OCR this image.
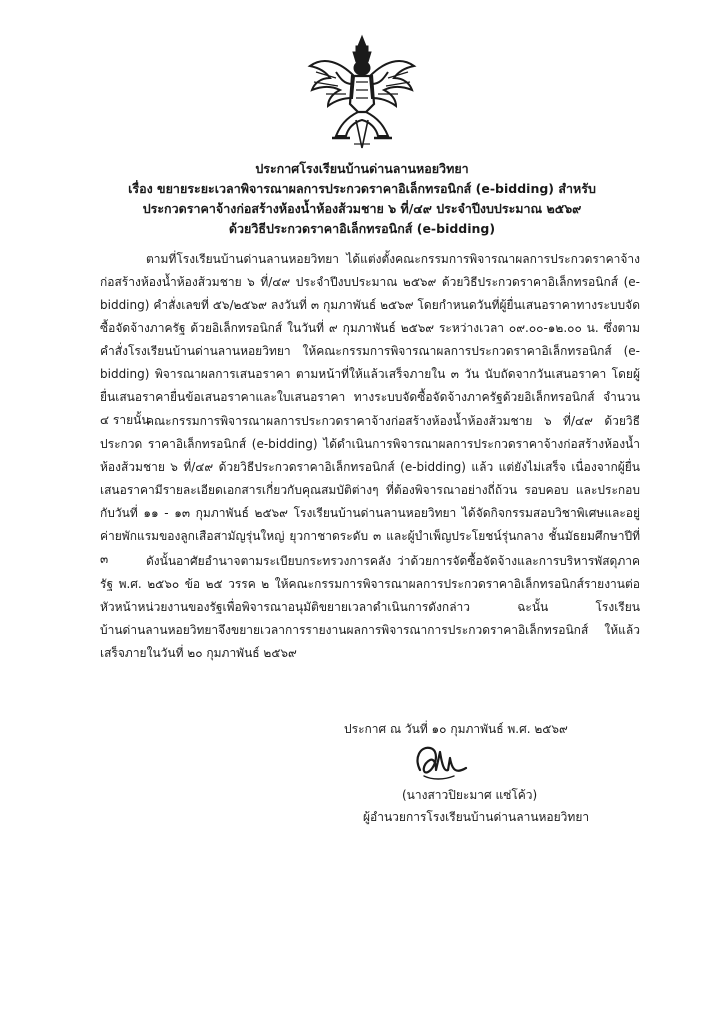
ประกาศโรงเรียนบ้านด่านลานหอยวิทยา
เรื่อง ขยายระยะเวลาพิจารณาผลการประกวดราคาอิเล็กทรอนิกส์ (e-bidding) สำหรับ
ประกวดราคาจ้างก่อสร้างห้องน้ำห้องส้วมชาย ๖ ที่/๔๙ ประจำปีงบประมาณ ๒๕๖๙
ด้วยวิธีประกวดราคาอิเล็กทรอนิกส์ (e-bidding)

ตามที่โรงเรียนบ้านด่านลานหอยวิทยา ได้แต่งตั้งคณะกรรมการพิจารณาผลการประกวดราคาจ้างก่อสร้างห้องน้ำห้องส้วมชาย ๖ ที่/๔๙ ประจำปีงบประมาณ ๒๕๖๙ ด้วยวิธีประกวดราคาอิเล็กทรอนิกส์ (e-bidding) คำสั่งเลขที่ ๕๖/๒๕๖๙ ลงวันที่ ๓ กุมภาพันธ์ ๒๕๖๙ โดยกำหนดวันที่ผู้ยื่นเสนอราคาทางระบบจัดซื้อจัดจ้างภาครัฐ ด้วยอิเล็กทรอนิกส์ ในวันที่ ๙ กุมภาพันธ์ ๒๕๖๙ ระหว่างเวลา ๐๙.๐๐-๑๒.๐๐ น. ซึ่งตามคำสั่งโรงเรียนบ้านด่านลานหอยวิทยา ให้คณะกรรมการพิจารณาผลการประกวดราคาอิเล็กทรอนิกส์ (e-bidding) พิจารณาผลการเสนอราคา ตามหน้าที่ให้แล้วเสร็จภายใน ๓ วัน นับถัดจากวันเสนอราคา โดยผู้ยื่นเสนอราคายื่นข้อเสนอราคาและใบเสนอราคา ทางระบบจัดซื้อจัดจ้างภาครัฐด้วยอิเล็กทรอนิกส์ จำนวน ๔ รายนั้น

คณะกรรมการพิจารณาผลการประกวดราคาจ้างก่อสร้างห้องน้ำห้องส้วมชาย ๖ ที่/๔๙ ด้วยวิธีประกวด ราคาอิเล็กทรอนิกส์ (e-bidding) ได้ดำเนินการพิจารณาผลการประกวดราคาจ้างก่อสร้างห้องน้ำห้องส้วมชาย ๖ ที่/๔๙ ด้วยวิธีประกวดราคาอิเล็กทรอนิกส์ (e-bidding) แล้ว แต่ยังไม่เสร็จ เนื่องจากผู้ยื่นเสนอราคามีรายละเอียดเอกสารเกี่ยวกับคุณสมบัติต่างๆ ที่ต้องพิจารณาอย่างถี่ถ้วน รอบคอบ และประกอบกับวันที่ ๑๑ - ๑๓ กุมภาพันธ์ ๒๕๖๙ โรงเรียนบ้านด่านลานหอยวิทยา ได้จัดกิจกรรมสอบวิชาพิเศษและอยู่ค่ายพักแรมของลูกเสือสามัญรุ่นใหญ่ ยุวกาชาดระดับ ๓ และผู้บำเพ็ญประโยชน์รุ่นกลาง ชั้นมัธยมศึกษาปีที่ ๓	ดังนั้นอาศัยอำนาจตามระเบียบกระทรวงการคลัง ว่าด้วยการจัดซื้อจัดจ้างและการบริหารพัสดุภาครัฐ พ.ศ. ๒๕๖๐ ข้อ ๒๕ วรรค ๒ ให้คณะกรรมการพิจารณาผลการประกวดราคาอิเล็กทรอนิกส์รายงานต่อหัวหน้าหน่วยงานของรัฐเพื่อพิจารณาอนุมัติขยายเวลาดำเนินการดังกล่าว ฉะนั้น โรงเรียนบ้านด่านลานหอยวิทยาจึงขยายเวลาการรายงานผลการพิจารณาการประกวดราคาอิเล็กทรอนิกส์ ให้แล้วเสร็จภายในวันที่ ๒๐ กุมภาพันธ์ ๒๕๖๙

ประกาศ ณ วันที่ ๑๐ กุมภาพันธ์ พ.ศ. ๒๕๖๙
(นางสาวปิยะมาศ แซ่โค้ว)
ผู้อำนวยการโรงเรียนบ้านด่านลานหอยวิทยา
